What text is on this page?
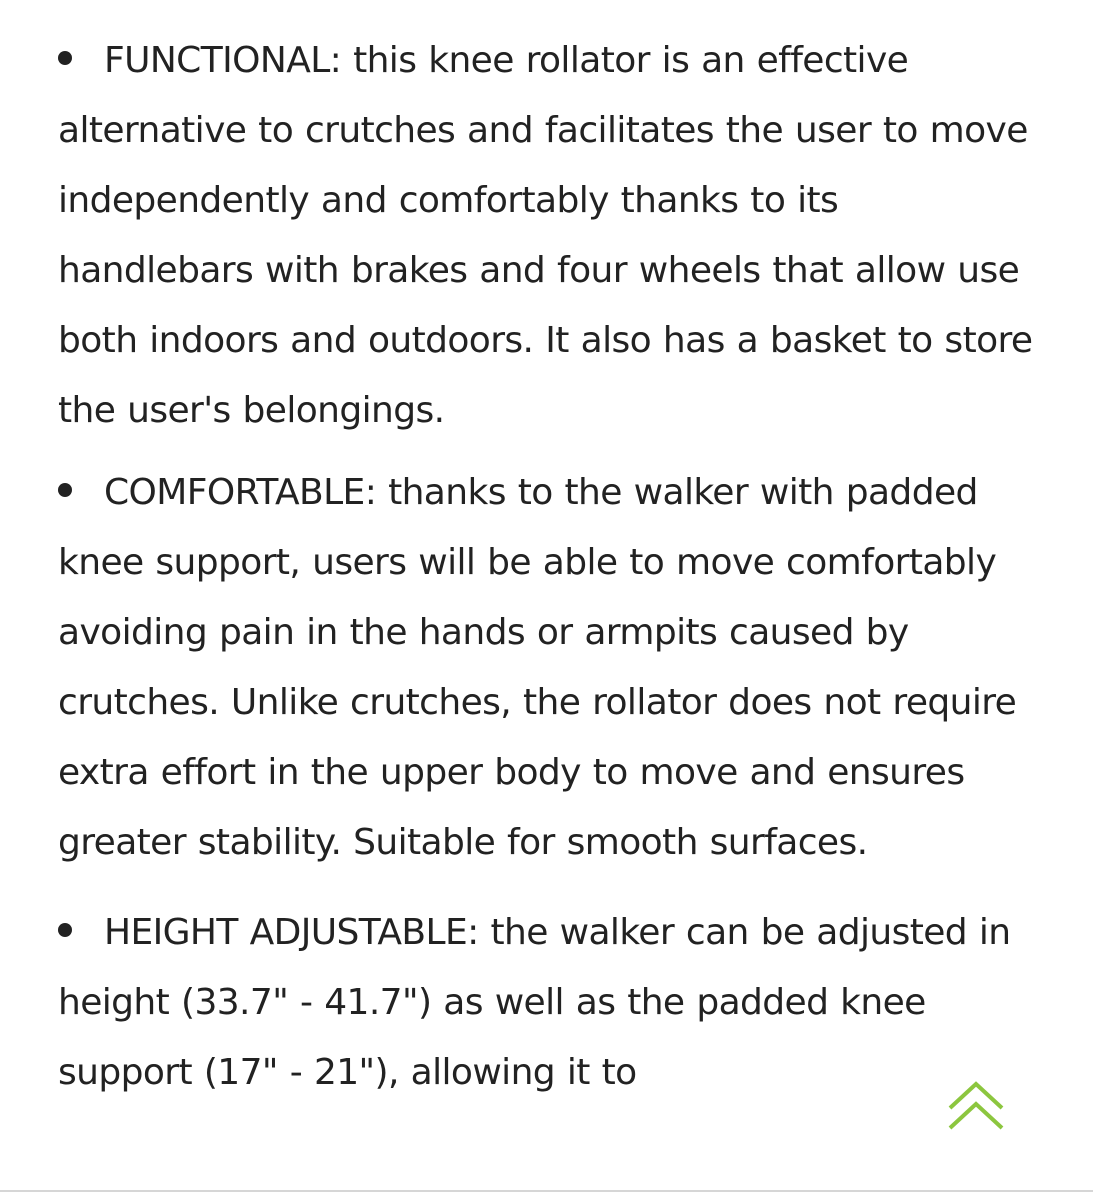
FUNCTIONAL: this knee rollator is an effective alternative to crutches and facilitates the user to move independently and comfortably thanks to its handlebars with brakes and four wheels that allow use both indoors and outdoors. It also has a basket to store the user's belongings.
COMFORTABLE: thanks to the walker with padded knee support, users will be able to move comfortably avoiding pain in the hands or armpits caused by crutches. Unlike crutches, the rollator does not require extra effort in the upper body to move and ensures greater stability. Suitable for smooth surfaces.
HEIGHT ADJUSTABLE: the walker can be adjusted in height (33.7" - 41.7") as well as the padded knee support (17" - 21"), allowing it to
